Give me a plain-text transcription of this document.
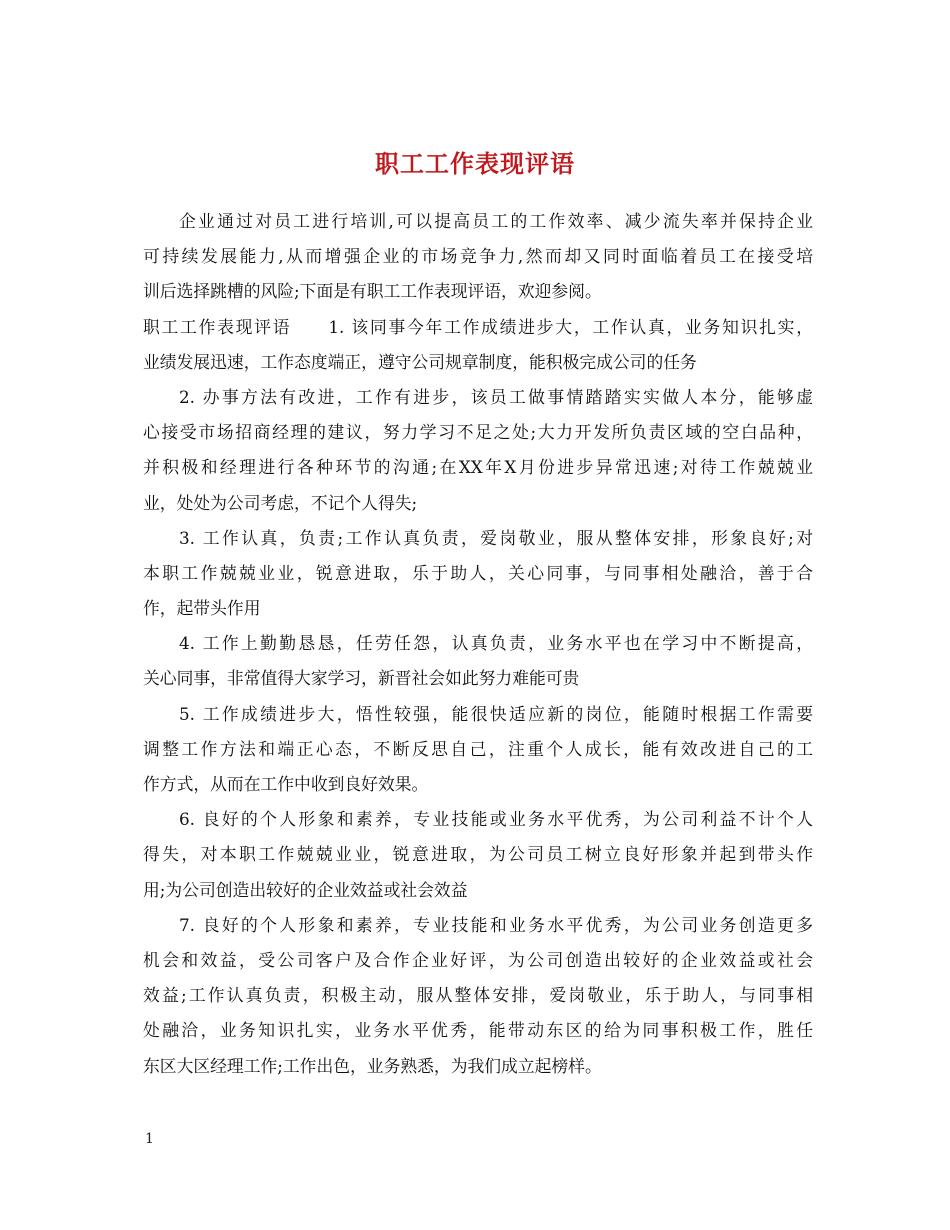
职工工作表现评语
企业通过对员工进行培训,可以提高员工的工作效率、减少流失率并保持企业
可持续发展能力,从而增强企业的市场竞争力,然而却又同时面临着员工在接受培
训后选择跳槽的风险;下面是有职工工作表现评语，欢迎参阅。
职工工作表现评语　　1. 该同事今年工作成绩进步大，工作认真，业务知识扎实，
业绩发展迅速，工作态度端正，遵守公司规章制度，能积极完成公司的任务
2. 办事方法有改进，工作有进步，该员工做事情踏踏实实做人本分，能够虚
心接受市场招商经理的建议，努力学习不足之处;大力开发所负责区域的空白品种，
并积极和经理进行各种环节的沟通;在XX年X月份进步异常迅速;对待工作兢兢业
业，处处为公司考虑，不记个人得失;
3. 工作认真，负责;工作认真负责，爱岗敬业，服从整体安排，形象良好;对
本职工作兢兢业业，锐意进取，乐于助人，关心同事，与同事相处融洽，善于合
作，起带头作用
4. 工作上勤勤恳恳，任劳任怨，认真负责，业务水平也在学习中不断提高，
关心同事，非常值得大家学习，新晋社会如此努力难能可贵
5. 工作成绩进步大，悟性较强，能很快适应新的岗位，能随时根据工作需要
调整工作方法和端正心态，不断反思自己，注重个人成长，能有效改进自己的工
作方式，从而在工作中收到良好效果。
6. 良好的个人形象和素养，专业技能或业务水平优秀，为公司利益不计个人
得失，对本职工作兢兢业业，锐意进取，为公司员工树立良好形象并起到带头作
用;为公司创造出较好的企业效益或社会效益
7. 良好的个人形象和素养，专业技能和业务水平优秀，为公司业务创造更多
机会和效益，受公司客户及合作企业好评，为公司创造出较好的企业效益或社会
效益;工作认真负责，积极主动，服从整体安排，爱岗敬业，乐于助人，与同事相
处融洽，业务知识扎实，业务水平优秀，能带动东区的给为同事积极工作，胜任
东区大区经理工作;工作出色，业务熟悉，为我们成立起榜样。
1
